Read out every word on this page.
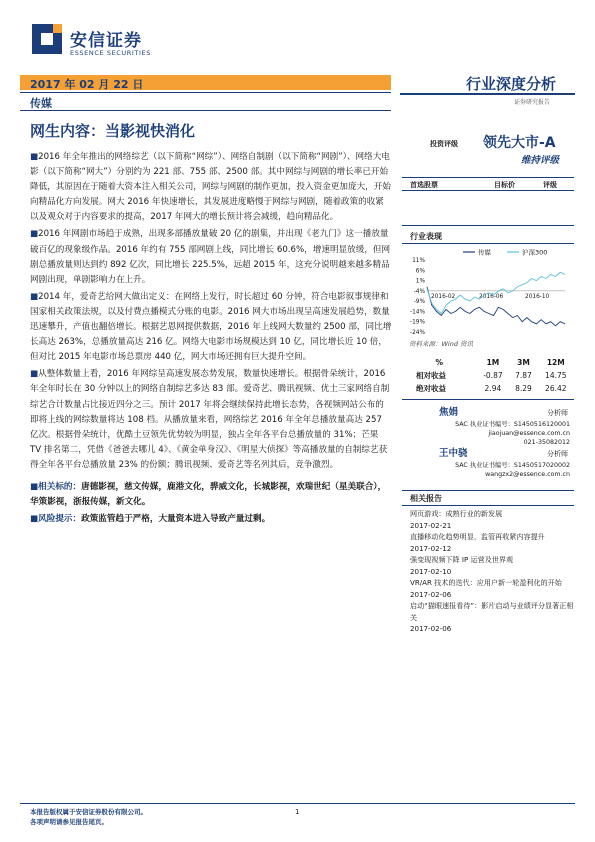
安信证券
ESSENCE SECURITIES
2017 年 02 月 22 日
传媒
行业深度分析
证券研究报告
网生内容：当影视快消化

■2016 年全年推出的网络综艺（以下简称“网综”）、网络自制剧（以下简称“网剧”）、网络大电影（以下简称“网大”）分别约为 221 部、755 部、2500 部。其中网综与网剧的增长率已开始降低，其原因在于随着大资本注入相关公司，网综与网剧的制作更加，投入资金更加庞大，开始向精品化方向发展。网大 2016 年快速增长，其发展进度略慢于网综与网剧，随着政策的收紧以及观众对于内容要求的提高，2017 年网大的增长预计将会减缓，趋向精品化。

■2016 年网剧市场趋于成熟，出现多部播放量破 20 亿的剧集，并出现《老九门》这一播放量破百亿的现象级作品。2016 年约有 755 部网剧上线，同比增长 60.6%，增速明显放缓，但网剧总播放量则达到约 892 亿次，同比增长 225.5%，远超 2015 年，这充分说明越来越多精品网剧出现，单剧影响力在上升。

■2014 年，爱奇艺给网大做出定义：在网络上发行，时长超过 60 分钟，符合电影叙事规律和国家相关政策法规，以及付费点播模式分账的电影。2016 网大市场出现呈高速发展趋势，数量迅速攀升，产值也翻倍增长。根据艺恩网提供数据，2016 年上线网大数量约 2500 部，同比增长高达 263%，总播放量高达 216 亿。网络大电影市场规模达到 10 亿，同比增长近 10 倍，但对比 2015 年电影市场总票房 440 亿，网大市场还拥有巨大提升空间。

■从整体数量上看，2016 年网综呈高速发展态势发展，数量快速增长。根据骨朵统计，2016 年全年时长在 30 分钟以上的网络自制综艺多达 83 部。爱奇艺、腾讯视频、优土三家网络自制综艺合计数量占比接近四分之三。预计 2017 年将会继续保持此增长态势，各视频网站公布的即将上线的网综数量将达 108 档。从播放量来看，网络综艺 2016 年全年总播放量高达 257 亿次。根据骨朵统计，优酷土豆领先优势较为明显，独占全年各平台总播放量的 31%；芒果 TV 排名第二，凭借《爸爸去哪儿 4》、《黄金单身汉》、《明星大侦探》等高播放量的自制综艺获得全年各平台总播放量 23% 的份额；腾讯视频、爱奇艺等名列其后，竞争激烈。

■相关标的：唐德影视，慈文传媒，鹿港文化，骅威文化，长城影视，欢瑞世纪（星美联合），华策影视，浙报传媒，新文化。

■风险提示：政策监管趋于严格，大量资本进入导致产量过剩。

投资评级 领先大市-A
维持评级
首选股票	目标价	评级
行业表现
11%
6%
1%
-4%
-9%
-14%
-19%
-24%
2016-02	2016-06	2016-10
传媒	沪深300
资料来源：Wind 资讯
%	1M	3M	12M
相对收益	-0.87	7.87	14.75
绝对收益	2.94	8.29	26.42
焦娟	分析师
SAC 执业证书编号：S1450516120001
jiaojuan@essence.com.cn
021-35082012
王中骁	分析师
SAC 执业证书编号：S1450517020002
wangzx2@essence.com.cn
相关报告
网页游戏：成熟行业的新发展
2017-02-21
直播移动化趋势明显，监管再收紧内容提升
2017-02-12
强变现视频下降 IP 运营及世界观
2017-02-10
VR/AR 技术的迭代：应用户新一轮盈利化的开始
2017-02-06
启动“猫眼速报看待”：影片启动与业绩评分显著正相关
2017-02-06
本报告版权属于安信证券股份有限公司。
各项声明请参见报告尾页。
1
